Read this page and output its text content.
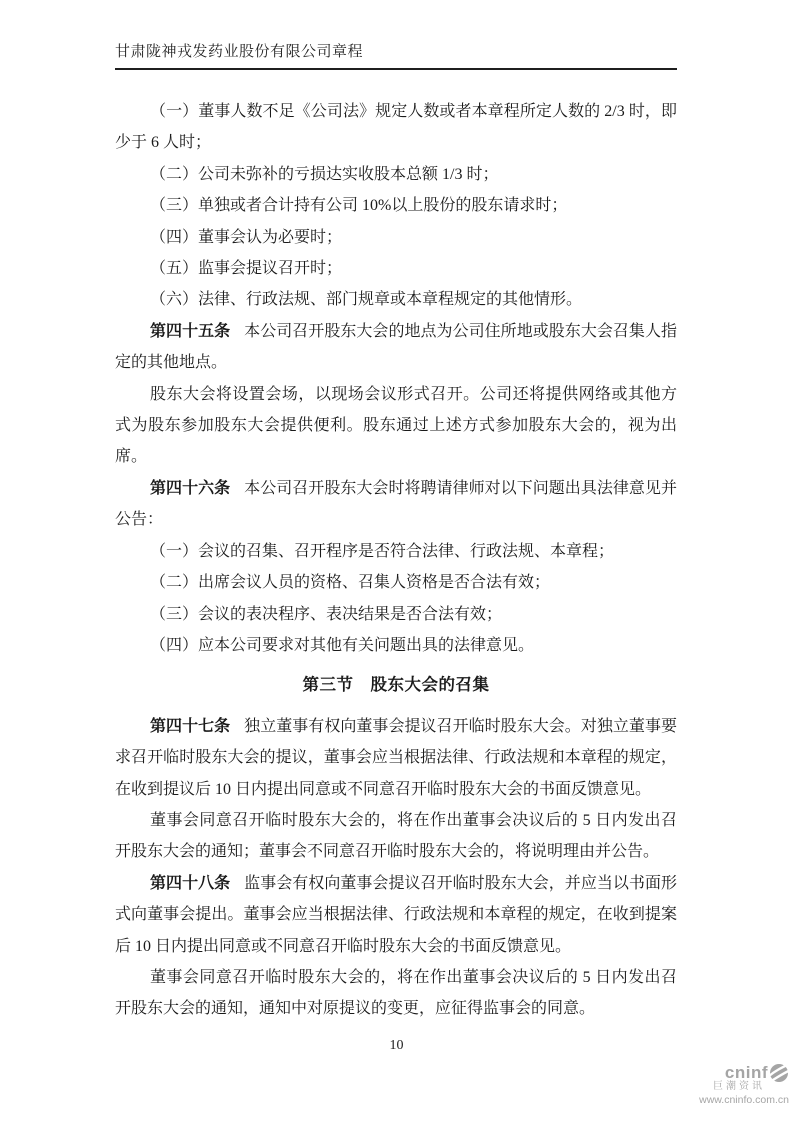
甘肃陇神戎发药业股份有限公司章程

（一）董事人数不足《公司法》规定人数或者本章程所定人数的 2/3 时，即少于 6 人时；

（二）公司未弥补的亏损达实收股本总额 1/3 时；

（三）单独或者合计持有公司 10%以上股份的股东请求时；

（四）董事会认为必要时；

（五）监事会提议召开时；

（六）法律、行政法规、部门规章或本章程规定的其他情形。

第四十五条 本公司召开股东大会的地点为公司住所地或股东大会召集人指定的其他地点。

股东大会将设置会场，以现场会议形式召开。公司还将提供网络或其他方式为股东参加股东大会提供便利。股东通过上述方式参加股东大会的，视为出席。

第四十六条 本公司召开股东大会时将聘请律师对以下问题出具法律意见并公告：

（一）会议的召集、召开程序是否符合法律、行政法规、本章程；

（二）出席会议人员的资格、召集人资格是否合法有效；

（三）会议的表决程序、表决结果是否合法有效；

（四）应本公司要求对其他有关问题出具的法律意见。

第三节　股东大会的召集

第四十七条 独立董事有权向董事会提议召开临时股东大会。对独立董事要求召开临时股东大会的提议，董事会应当根据法律、行政法规和本章程的规定，在收到提议后 10 日内提出同意或不同意召开临时股东大会的书面反馈意见。

董事会同意召开临时股东大会的，将在作出董事会决议后的 5 日内发出召开股东大会的通知；董事会不同意召开临时股东大会的，将说明理由并公告。

第四十八条 监事会有权向董事会提议召开临时股东大会，并应当以书面形式向董事会提出。董事会应当根据法律、行政法规和本章程的规定，在收到提案后 10 日内提出同意或不同意召开临时股东大会的书面反馈意见。

董事会同意召开临时股东大会的，将在作出董事会决议后的 5 日内发出召开股东大会的通知，通知中对原提议的变更，应征得监事会的同意。

10
cninf
巨潮资讯
www.cninfo.com.cn
